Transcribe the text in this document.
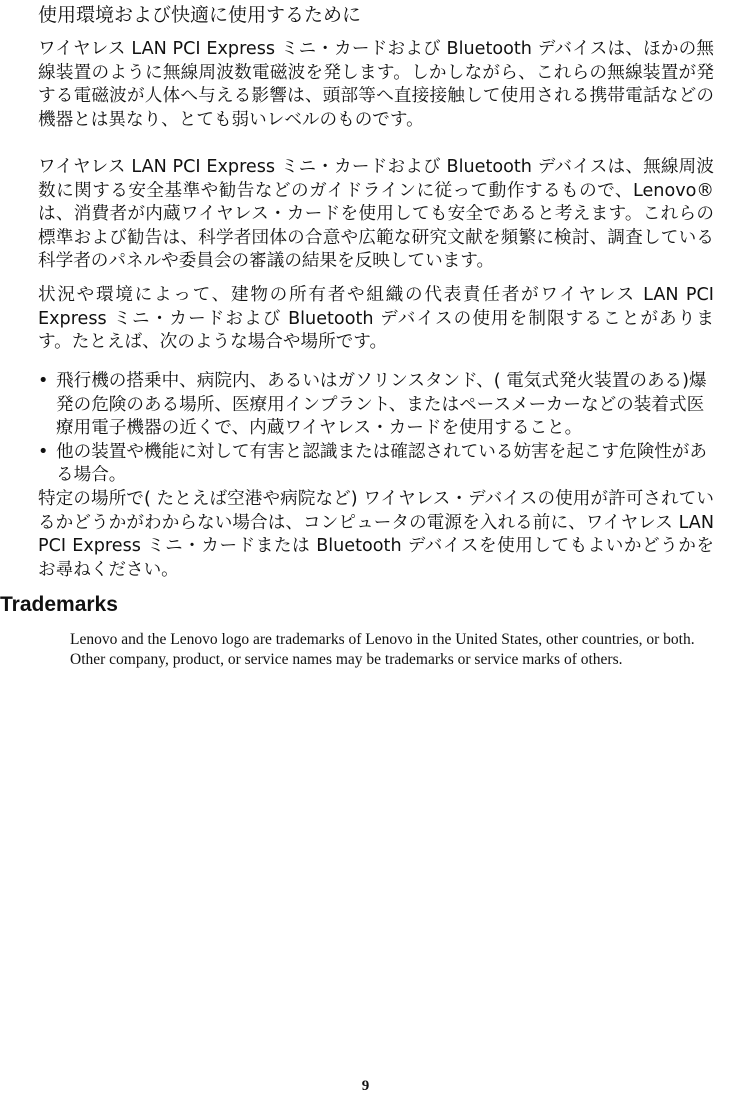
使用環境および快適に使用するために
ワイヤレス LAN PCI Express ミニ・カードおよび Bluetooth デバイスは、ほかの無線装置のように無線周波数電磁波を発します。しかしながら、これらの無線装置が発する電磁波が人体へ与える影響は、頭部等へ直接接触して使用される携帯電話などの機器とは異なり、とても弱いレベルのものです。
ワイヤレス LAN PCI Express ミニ・カードおよび Bluetooth デバイスは、無線周波数に関する安全基準や勧告などのガイドラインに従って動作するもので、Lenovo® は、消費者が内蔵ワイヤレス・カードを使用しても安全であると考えます。これらの標準および勧告は、科学者団体の合意や広範な研究文献を頻繁に検討、調査している科学者のパネルや委員会の審議の結果を反映しています。
状況や環境によって、建物の所有者や組織の代表責任者がワイヤレス LAN PCI Express ミニ・カードおよび Bluetooth デバイスの使用を制限することがあります。たとえば、次のような場合や場所です。
• 飛行機の搭乗中、病院内、あるいはガソリンスタンド、( 電気式発火装置のある)爆発の危険のある場所、医療用インプラント、またはペースメーカーなどの装着式医療用電子機器の近くで、内蔵ワイヤレス・カードを使用すること。
• 他の装置や機能に対して有害と認識または確認されている妨害を起こす危険性がある場合。
特定の場所で( たとえば空港や病院など) ワイヤレス・デバイスの使用が許可されているかどうかがわからない場合は、コンピュータの電源を入れる前に、ワイヤレス LAN PCI Express ミニ・カードまたは Bluetooth デバイスを使用してもよいかどうかをお尋ねください。
Trademarks

Lenovo and the Lenovo logo are trademarks of Lenovo in the United States, other countries, or both.

Other company, product, or service names may be trademarks or service marks of others.

9
